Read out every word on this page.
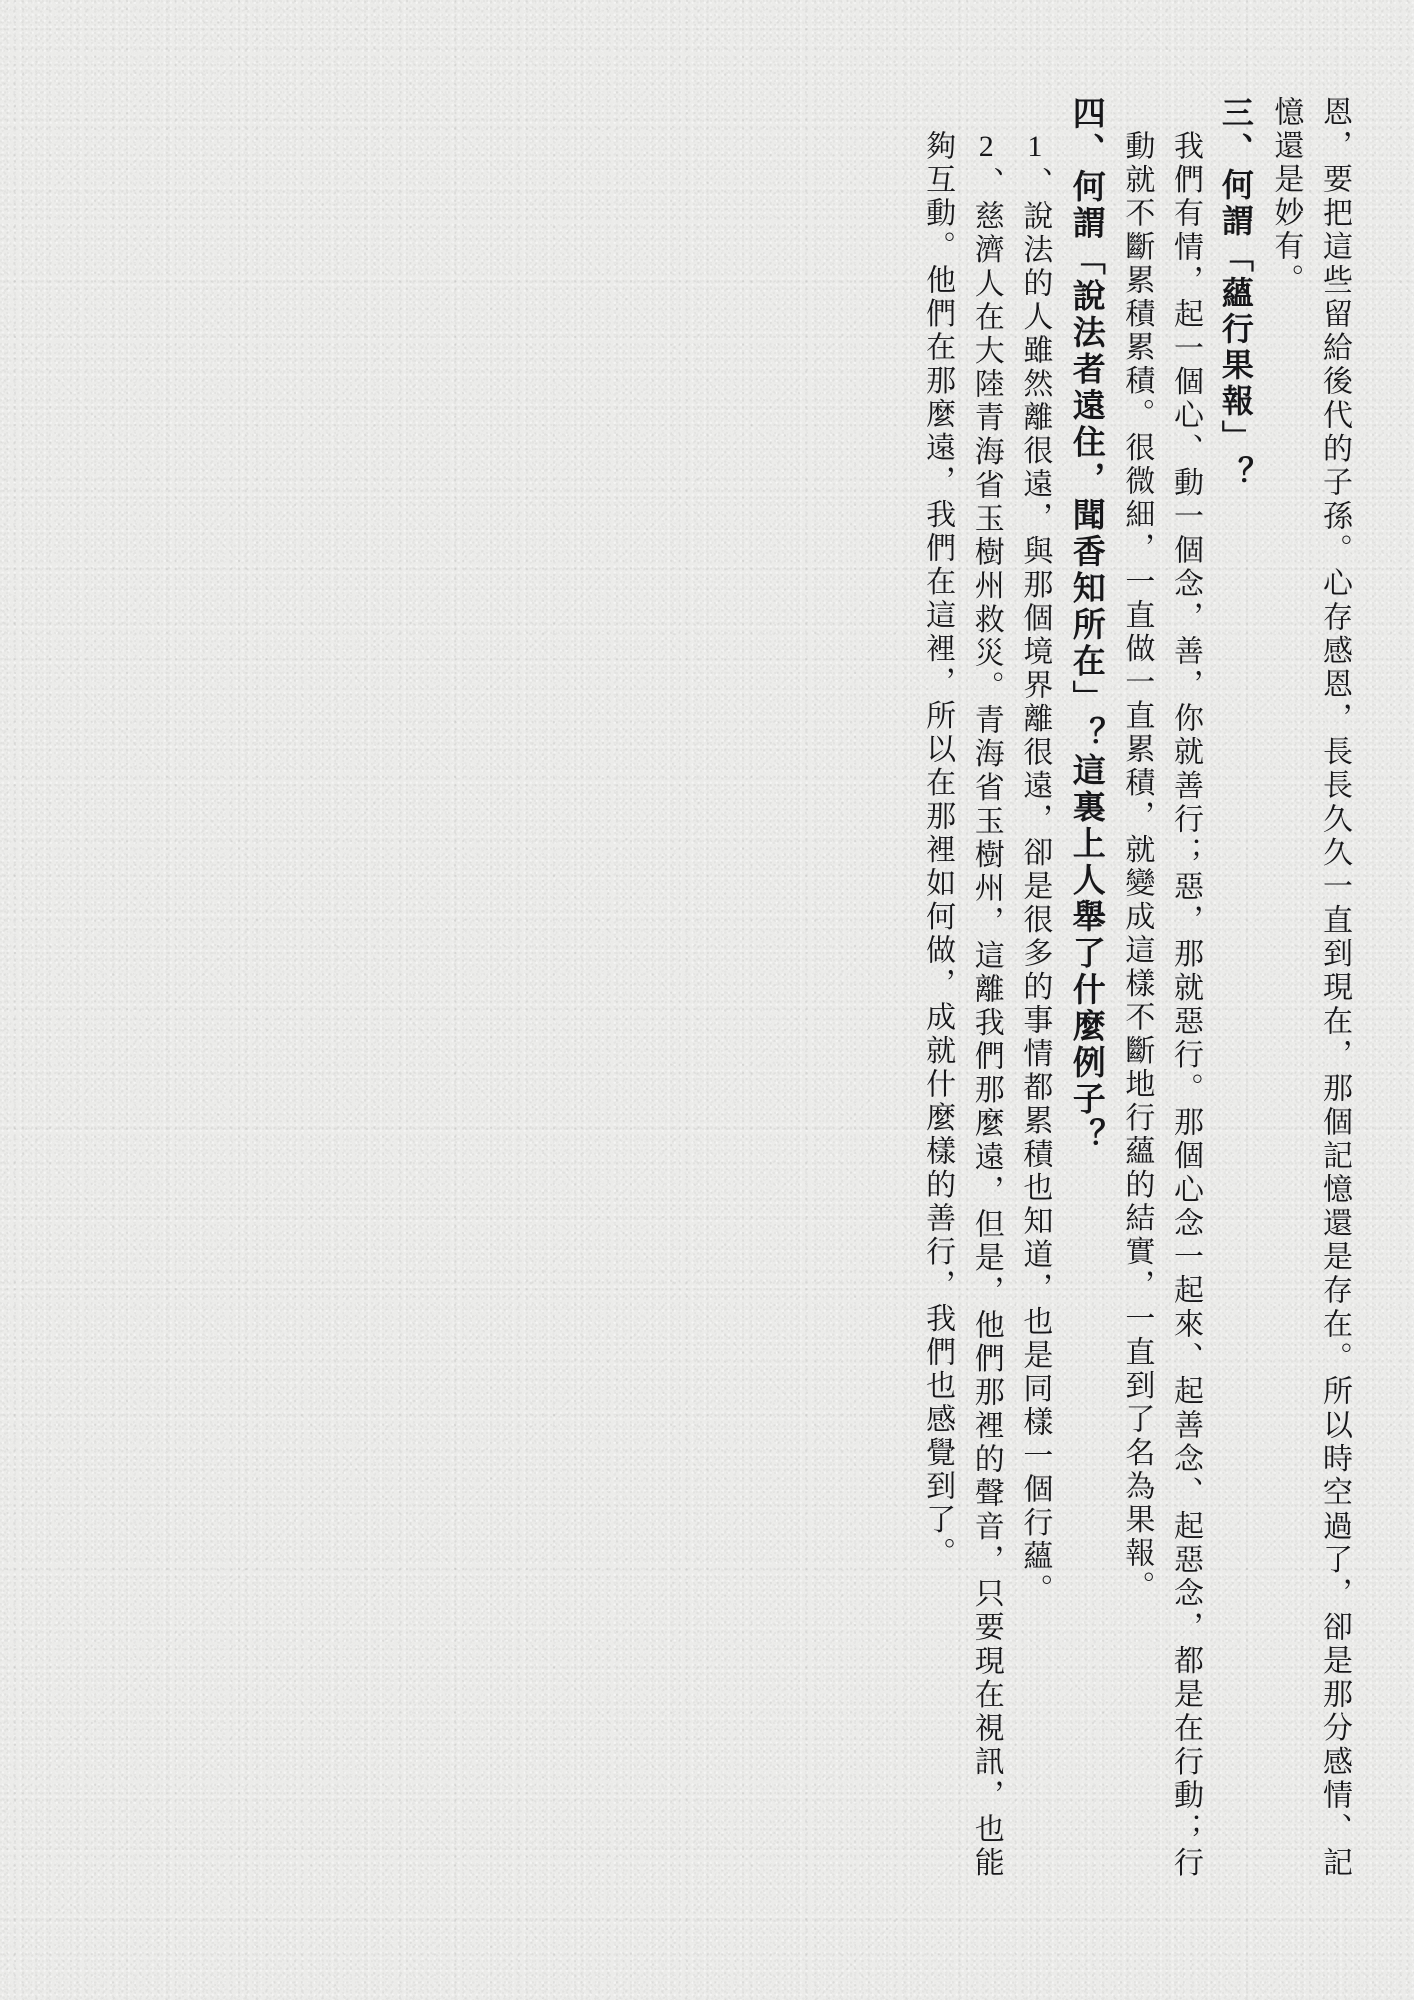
恩，要把這些留給後代的子孫。心存感恩，長長久久一直到現在，那個記憶還是存在。所以時空過了，卻是那分感情、記憶還是妙有。

三、何謂「蘊行果報」？

我們有情，起一個心、動一個念，善，你就善行；惡，那就惡行。那個心念一起來、起善念、起惡念，都是在行動；行動就不斷累積累積。很微細，一直做一直累積，就變成這樣不斷地行蘊的結實，一直到了名為果報。

四、何謂「說法者遠住，聞香知所在」？這裏上人舉了什麼例子？

1、說法的人雖然離很遠，與那個境界離很遠，卻是很多的事情都累積也知道，也是同樣一個行蘊。

2、慈濟人在大陸青海省玉樹州救災。青海省玉樹州，這離我們那麼遠，但是，他們那裡的聲音，只要現在視訊，也能夠互動。他們在那麼遠，我們在這裡，所以在那裡如何做，成就什麼樣的善行，我們也感覺到了。
